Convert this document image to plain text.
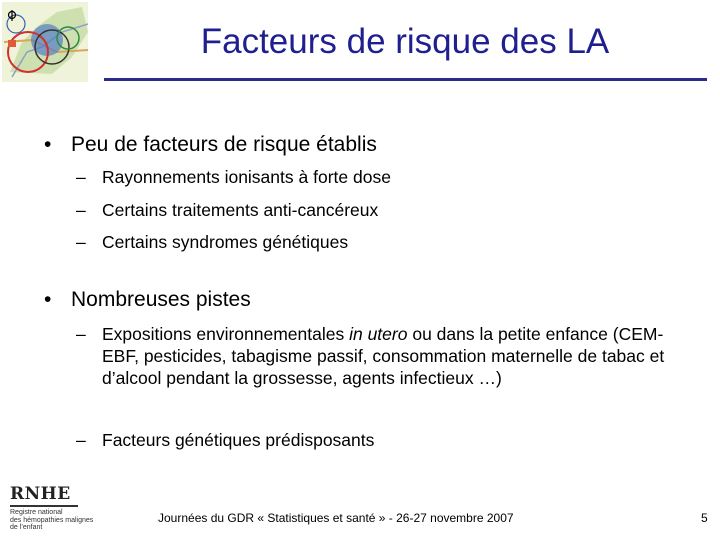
Facteurs de risque des LA
• Peu de facteurs de risque établis
– Rayonnements ionisants à forte dose
– Certains traitements anti-cancéreux
– Certains syndromes génétiques
• Nombreuses pistes
– Expositions environnementales in utero ou dans la petite enfance (CEM-EBF, pesticides, tabagisme passif, consommation maternelle de tabac et d’alcool pendant la grossesse, agents infectieux …)
– Facteurs génétiques prédisposants
RNHE
Registre national
des hémopathies malignes
de l’enfant
Journées du GDR « Statistiques et santé » - 26-27 novembre 2007	5
